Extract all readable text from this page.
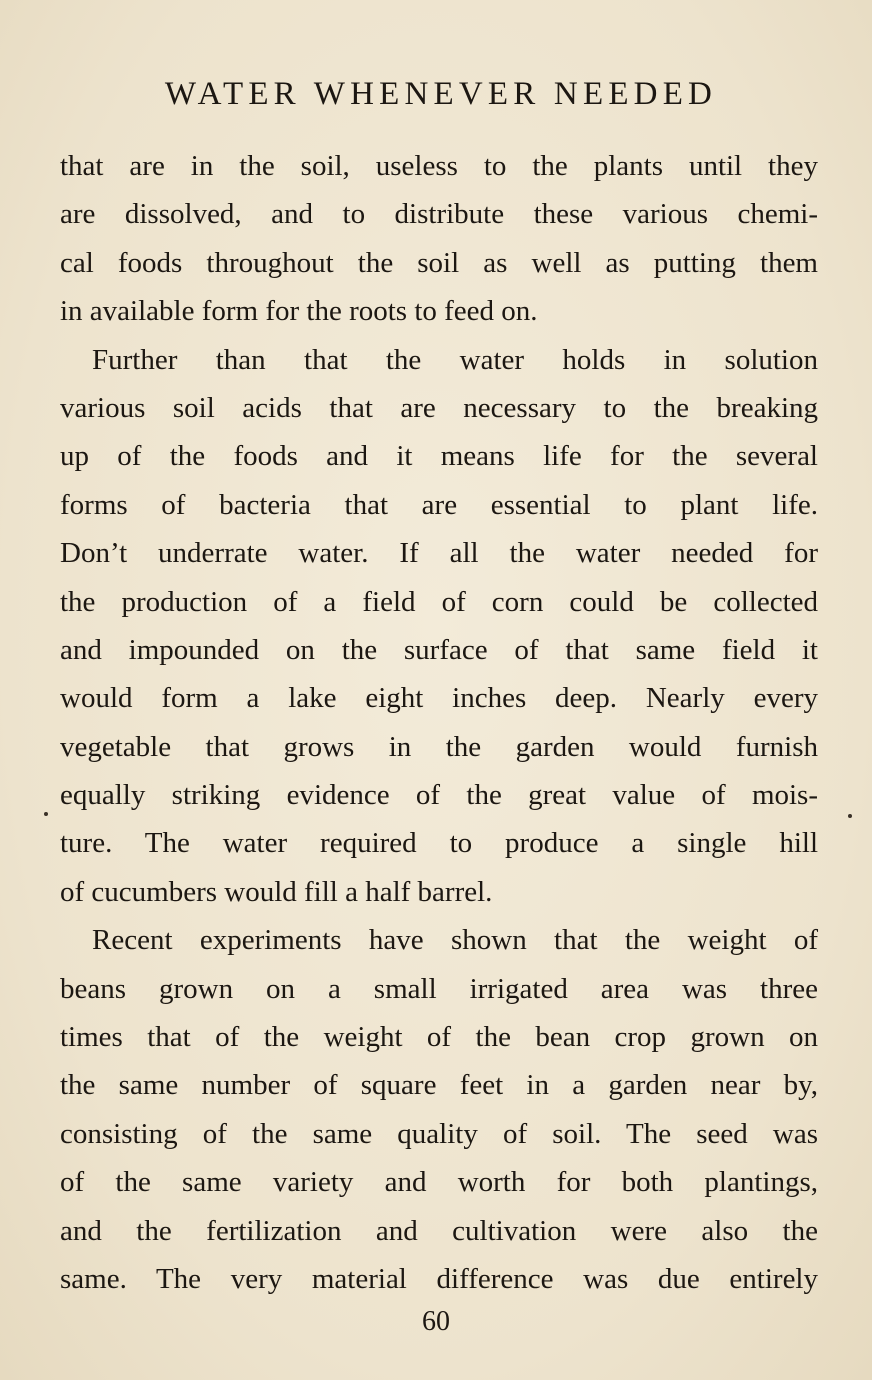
WATER WHENEVER NEEDED
that are in the soil, useless to the plants until they
are dissolved, and to distribute these various chemi-
cal foods throughout the soil as well as putting them
in available form for the roots to feed on.
Further than that the water holds in solution
various soil acids that are necessary to the breaking
up of the foods and it means life for the several
forms of bacteria that are essential to plant life.
Don’t underrate water. If all the water needed for
the production of a field of corn could be collected
and impounded on the surface of that same field it
would form a lake eight inches deep. Nearly every
vegetable that grows in the garden would furnish
equally striking evidence of the great value of mois-
ture. The water required to produce a single hill
of cucumbers would fill a half barrel.
Recent experiments have shown that the weight of
beans grown on a small irrigated area was three
times that of the weight of the bean crop grown on
the same number of square feet in a garden near by,
consisting of the same quality of soil. The seed was
of the same variety and worth for both plantings,
and the fertilization and cultivation were also the
same. The very material difference was due entirely
60
